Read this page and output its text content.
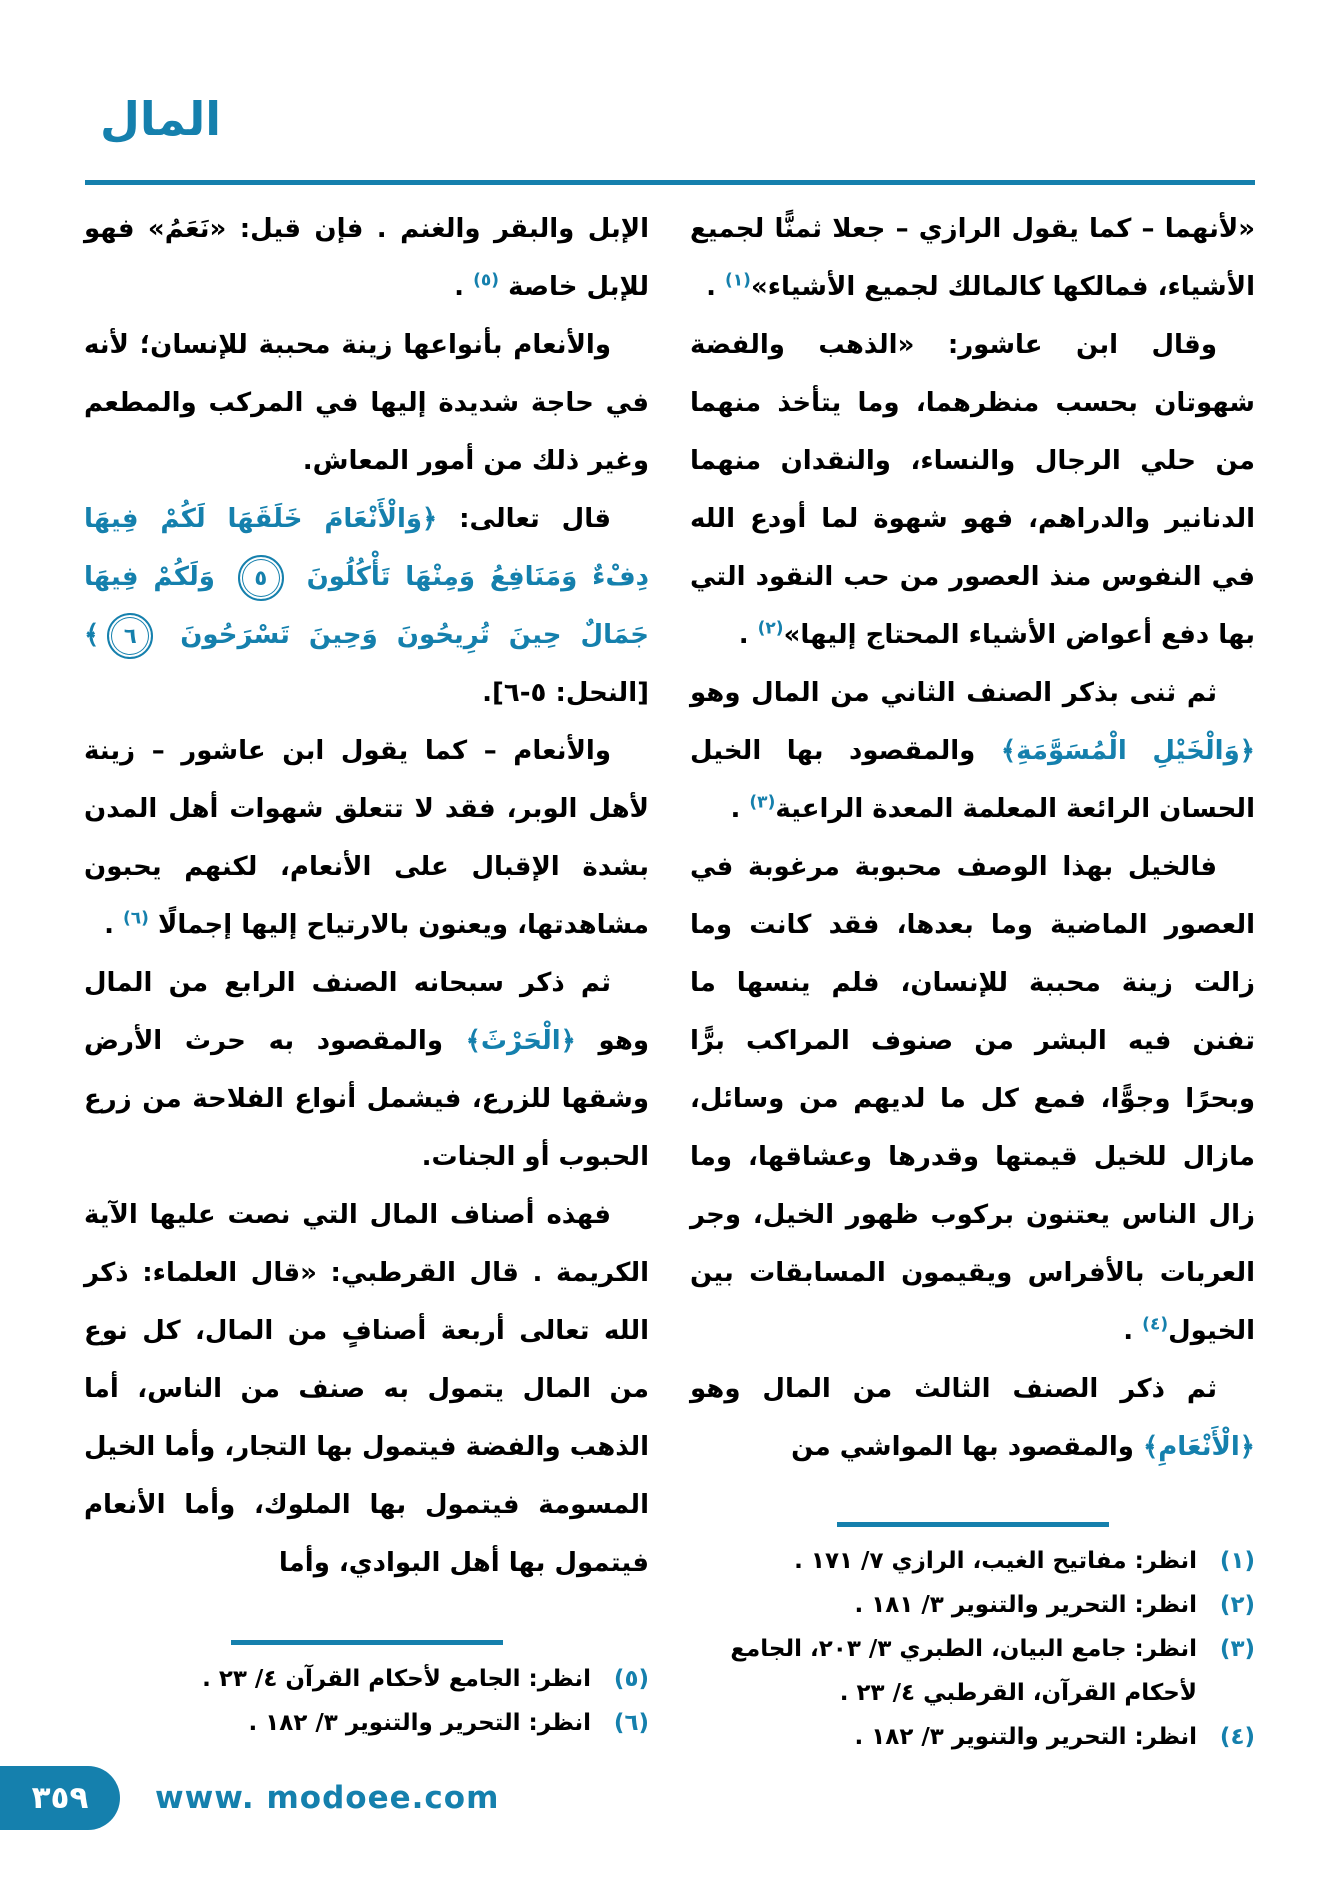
المال
«لأنهما – كما يقول الرازي – جعلا ثمنًّا لجميع الأشياء، فمالكها كالمالك لجميع الأشياء»$^{(١)}$ .
وقال ابن عاشور: «الذهب والفضة شهوتان بحسب منظرهما، وما يتأخذ منهما من حلي الرجال والنساء، والنقدان منهما الدنانير والدراهم، فهو شهوة لما أودع الله في النفوس منذ العصور من حب النقود التي بها دفع أعواض الأشياء المحتاج إليها»$^{(٢)}$ .
ثم ثنى بذكر الصنف الثاني من المال وهو ﴿وَالْخَيْلِ الْمُسَوَّمَةِ﴾ والمقصود بها الخيل الحسان الرائعة المعلمة المعدة الراعية$^{(٣)}$ .
فالخيل بهذا الوصف محبوبة مرغوبة في العصور الماضية وما بعدها، فقد كانت وما زالت زينة محببة للإنسان، فلم ينسها ما تفنن فيه البشر من صنوف المراكب برًّا وبحرًا وجوًّا، فمع كل ما لديهم من وسائل، مازال للخيل قيمتها وقدرها وعشاقها، وما زال الناس يعتنون بركوب ظهور الخيل، وجر العربات بالأفراس ويقيمون المسابقات بين الخيول$^{(٤)}$ .
ثم ذكر الصنف الثالث من المال وهو ﴿الْأَنْعَامِ﴾ والمقصود بها المواشي من
الإبل والبقر والغنم . فإن قيل: «نَعَمُ» فهو للإبل خاصة $^{(٥)}$ .
والأنعام بأنواعها زينة محببة للإنسان؛ لأنه في حاجة شديدة إليها في المركب والمطعم وغير ذلك من أمور المعاش.
قال تعالى: ﴿وَالْأَنْعَامَ خَلَقَهَا لَكُمْ فِيهَا دِفْءٌ وَمَنَافِعُ وَمِنْهَا تَأْكُلُونَ ٥ وَلَكُمْ فِيهَا جَمَالٌ حِينَ تُرِيحُونَ وَحِينَ تَسْرَحُونَ ٦﴾ [النحل: ٥-٦].
والأنعام – كما يقول ابن عاشور – زينة لأهل الوبر، فقد لا تتعلق شهوات أهل المدن بشدة الإقبال على الأنعام، لكنهم يحبون مشاهدتها، ويعنون بالارتياح إليها إجمالًا $^{(٦)}$ .
ثم ذكر سبحانه الصنف الرابع من المال وهو ﴿الْحَرْثَ﴾ والمقصود به حرث الأرض وشقها للزرع، فيشمل أنواع الفلاحة من زرع الحبوب أو الجنات.
فهذه أصناف المال التي نصت عليها الآية الكريمة . قال القرطبي: «قال العلماء: ذكر الله تعالى أربعة أصنافٍ من المال، كل نوع من المال يتمول به صنف من الناس، أما الذهب والفضة فيتمول بها التجار، وأما الخيل المسومة فيتمول بها الملوك، وأما الأنعام فيتمول بها أهل البوادي، وأما	(١)
انظر: مفاتيح الغيب، الرازي ٧/ ١٧١ .
(٢)
انظر: التحرير والتنوير ٣/ ١٨١ .
(٣)
انظر: جامع البيان، الطبري ٣/ ٢٠٣، الجامع لأحكام القرآن، القرطبي ٤/ ٢٣ .
(٤)
انظر: التحرير والتنوير ٣/ ١٨٢ .
(٥)
انظر: الجامع لأحكام القرآن ٤/ ٢٣ .
(٦)
انظر: التحرير والتنوير ٣/ ١٨٢ .
٣٥٩ www. modoee.com
